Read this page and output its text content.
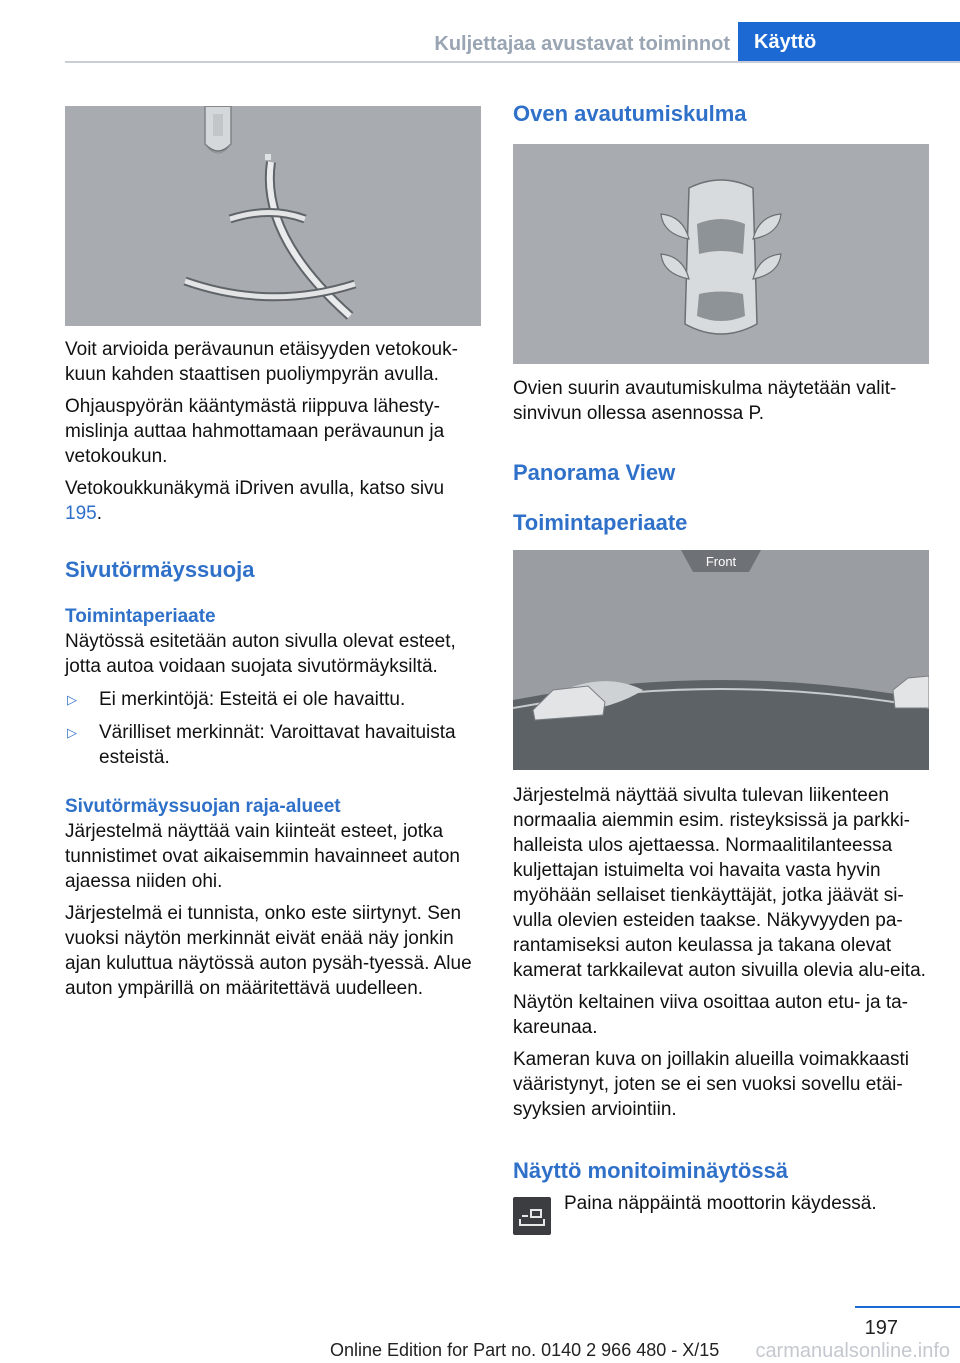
Kuljettajaa avustavat toiminnot	Käyttö

Voit arvioida perävaunun etäisyyden vetokouk-kuun kahden staattisen puoliympyrän avulla.

Ohjauspyörän kääntymästä riippuva lähesty-mislinja auttaa hahmottamaan perävaunun ja vetokoukun.

Vetokoukkunäkymä iDriven avulla, katso sivu 195.

Sivutörmäyssuoja
Toimintaperiaate

Näytössä esitetään auton sivulla olevat esteet, jotta autoa voidaan suojata sivutörmäyksiltä.

▷ Ei merkintöjä: Esteitä ei ole havaittu.
▷ Värilliset merkinnät: Varoittavat havaituista esteistä.
Sivutörmäyssuojan raja-alueet

Järjestelmä näyttää vain kiinteät esteet, jotka tunnistimet ovat aikaisemmin havainneet auton ajaessa niiden ohi.

Järjestelmä ei tunnista, onko este siirtynyt. Sen vuoksi näytön merkinnät eivät enää näy jonkin ajan kuluttua näytössä auton pysäh-tyessä. Alue auton ympärillä on määritettävä uudelleen.

Oven avautumiskulma

Ovien suurin avautumiskulma näytetään valit-sinvivun ollessa asennossa P.

Panorama View
Toimintaperiaate
Front

Järjestelmä näyttää sivulta tulevan liikenteen normaalia aiemmin esim. risteyksissä ja parkki-halleista ulos ajettaessa. Normaalitilanteessa kuljettajan istuimelta voi havaita vasta hyvin myöhään sellaiset tienkäyttäjät, jotka jäävät si-vulla olevien esteiden taakse. Näkyvyyden pa-rantamiseksi auton keulassa ja takana olevat kamerat tarkkailevat auton sivuilla olevia alu-eita.

Näytön keltainen viiva osoittaa auton etu- ja ta-kareunaa.

Kameran kuva on joillakin alueilla voimakkaasti vääristynyt, joten se ei sen vuoksi sovellu etäi-syyksien arviointiin.

Näyttö monitoiminäytössä

Paina näppäintä moottorin käydessä.

197
Online Edition for Part no. 0140 2 966 480 - X/15	carmanualsonline.info
